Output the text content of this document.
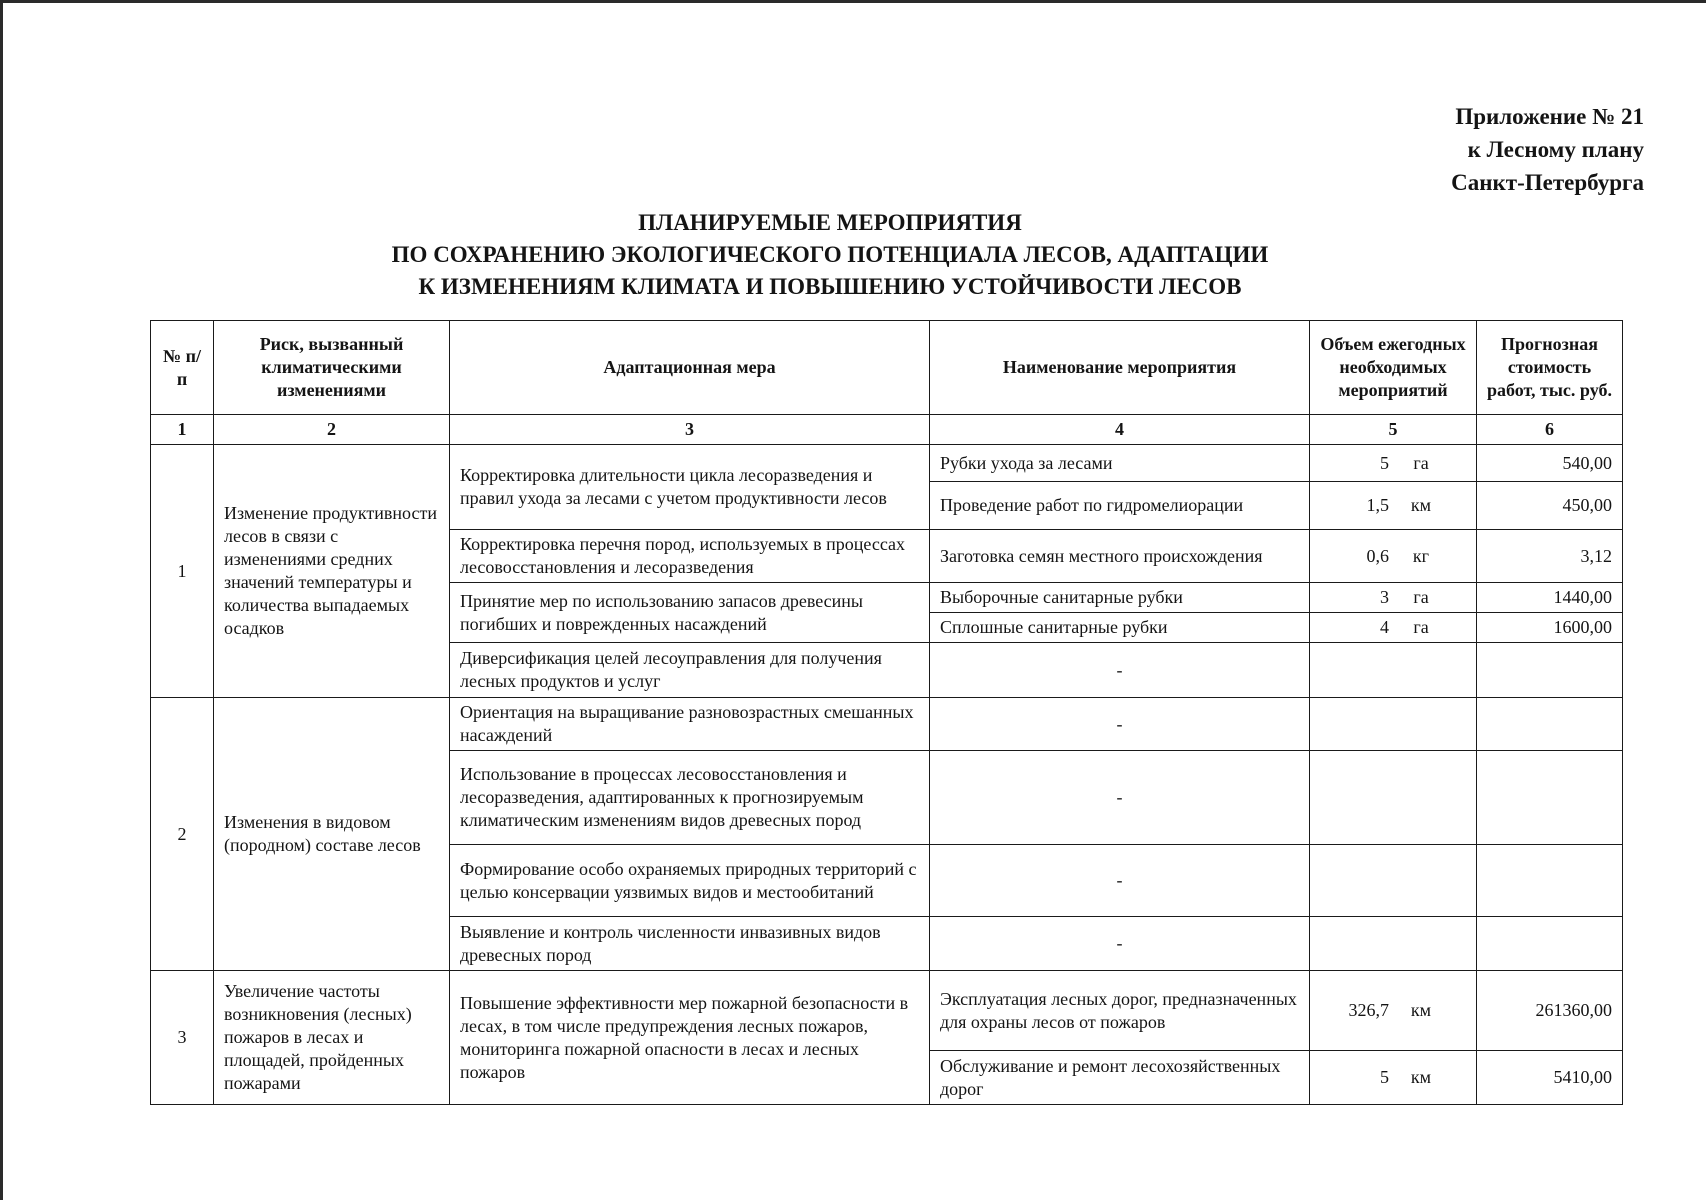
Приложение № 21
к Лесному плану
Санкт-Петербурга
ПЛАНИРУЕМЫЕ МЕРОПРИЯТИЯ
ПО СОХРАНЕНИЮ ЭКОЛОГИЧЕСКОГО ПОТЕНЦИАЛА ЛЕСОВ, АДАПТАЦИИ
К ИЗМЕНЕНИЯМ КЛИМАТА И ПОВЫШЕНИЮ УСТОЙЧИВОСТИ ЛЕСОВ
№ п/п	Риск, вызванный климатическими изменениями	Адаптационная мера	Наименование мероприятия	Объем ежегодных необходимых мероприятий	Прогнозная стоимость работ, тыс. руб.
1	2	3	4	5	6
1	Изменение продуктивности лесов в связи с изменениями средних значений температуры и количества выпадаемых осадков	Корректировка длительности цикла лесоразведения и правил ухода за лесами с учетом продуктивности лесов	Рубки ухода за лесами	5 га	540,00
			Проведение работ по гидромелиорации	1,5 км	450,00
		Корректировка перечня пород, используемых в процессах лесовосстановления и лесоразведения	Заготовка семян местного происхождения	0,6 кг	3,12
		Принятие мер по использованию запасов древесины погибших и поврежденных насаждений	Выборочные санитарные рубки	3 га	1440,00
			Сплошные санитарные рубки	4 га	1600,00
		Диверсификация целей лесоуправления для получения лесных продуктов и услуг	-		
2	Изменения в видовом (породном) составе лесов	Ориентация на выращивание разновозрастных смешанных насаждений	-		
		Использование в процессах лесовосстановления и лесоразведения, адаптированных к прогнозируемым климатическим изменениям видов древесных пород	-		
		Формирование особо охраняемых природных территорий с целью консервации уязвимых видов и местообитаний	-		
		Выявление и контроль численности инвазивных видов древесных пород	-		
3	Увеличение частоты возникновения (лесных) пожаров в лесах и площадей, пройденных пожарами	Повышение эффективности мер пожарной безопасности в лесах, в том числе предупреждения лесных пожаров, мониторинга пожарной опасности в лесах и лесных пожаров	Эксплуатация лесных дорог, предназначенных для охраны лесов от пожаров	326,7 км	261360,00
			Обслуживание и ремонт лесохозяйственных дорог	5 км	5410,00
